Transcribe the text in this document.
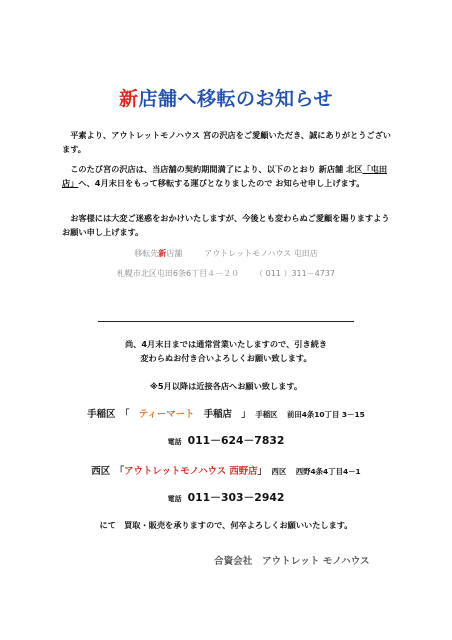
新店舗へ移転のお知らせ
　平素より、アウトレットモノハウス 宮の沢店をご愛顧いただき、誠にありがとうございます。
　このたび宮の沢店は、当店舗の契約期間満了により、以下のとおり 新店舗 北区「屯田店」へ、4月末日をもって移転する運びとなりましたので お知らせ申し上げます。
　お客様には大変ご迷惑をおかけいたしますが、今後とも変わらぬご愛顧を賜りますようお願い申し上げます。
移転先新店舗	アウトレットモノハウス 屯田店
札幌市北区屯田6条6丁目４－２０ （ 011 ）311－4737
尚、4月末日までは通常営業いたしますので、引き続き
変わらぬお付き合いよろしくお願い致します。
※5月以降は近接各店へお願い致します。
手稲区　 「　 ティーマート　 手稲店　 」　 手稲区　 前田4条10丁目 3－15
電話 011－624－7832
西区　 「アウトレットモノハウス 西野店」　 西区　 西野4条4丁目4－1
電話 011－303－2942
にて　買取・販売を承りますので、何卒よろしくお願いいたします。
合資会社　アウトレット モノハウス
